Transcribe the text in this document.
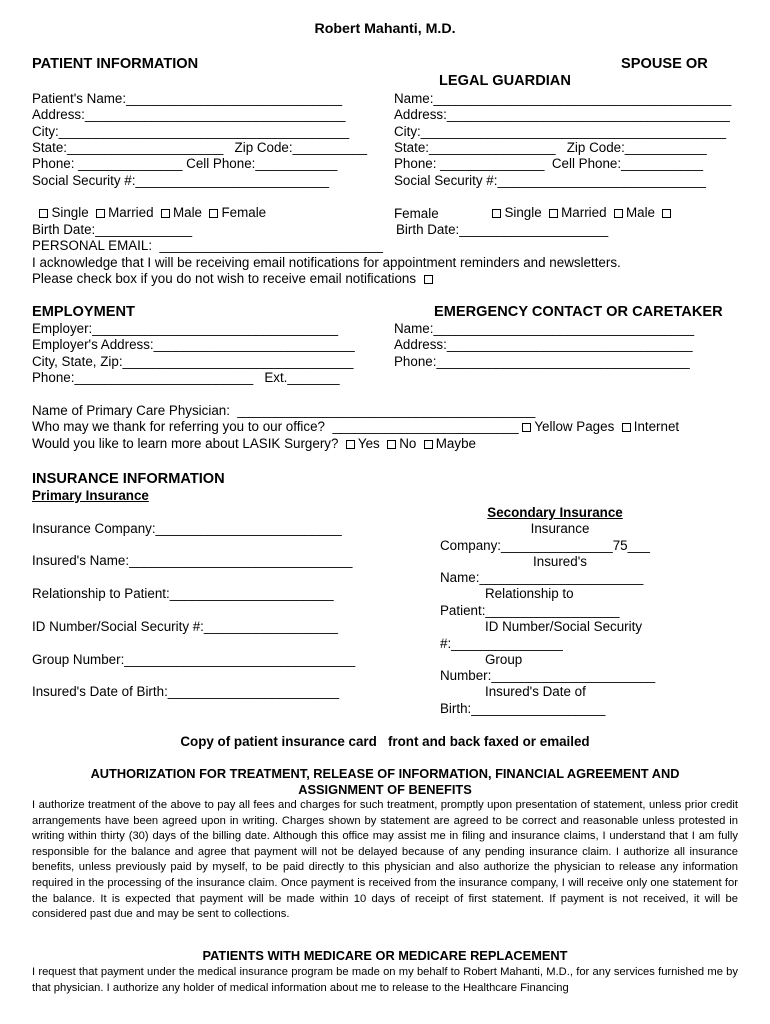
Robert Mahanti, M.D.
PATIENT INFORMATION	SPOUSE OR
LEGAL GUARDIAN
Patient's Name:_____________________________
Address:___________________________________
City:_______________________________________
State:_____________________   Zip Code:__________
Phone: ______________ Cell Phone:___________
Social Security #:__________________________

Single Married Male Female

Birth Date:_____________
PERSONAL EMAIL:  ______________________________
I acknowledge that I will be receiving email notifications for appointment reminders and newsletters.
Please check box if you do not wish to receive email notifications
Name:________________________________________
Address:______________________________________
City:_________________________________________
State:_________________   Zip Code:___________
Phone: ______________  Cell Phone:___________
Social Security #:____________________________

Single Married Male

Female
Birth Date:____________________
EMPLOYMENT	EMERGENCY CONTACT OR CARETAKER
Employer:_________________________________
Employer's Address:___________________________
City, State, Zip:_______________________________
Phone:________________________   Ext._______
Name:___________________________________
Address:_________________________________
Phone:__________________________________
Name of Primary Care Physician:  ________________________________________
Who may we thank for referring you to our office?  _________________________ Yellow Pages Internet
Would you like to learn more about LASIK Surgery? Yes No Maybe
INSURANCE INFORMATION
Primary Insurance
Insurance Company:_________________________
Insured's Name:______________________________
Relationship to Patient:______________________
ID Number/Social Security #:__________________
Group Number:_______________________________
Insured's Date of Birth:_______________________
Secondary Insurance
Insurance
Company:_______________75___
Insured's
Name:______________________
Relationship to
Patient:__________________
ID Number/Social Security
#:_______________
Group
Number:______________________
Insured's Date of
Birth:__________________
Copy of patient insurance card   front and back faxed or emailed
AUTHORIZATION FOR TREATMENT, RELEASE OF INFORMATION, FINANCIAL AGREEMENT AND
ASSIGNMENT OF BENEFITS
I authorize treatment of the above to pay all fees and charges for such treatment, promptly upon presentation of statement, unless prior credit arrangements have been agreed upon in writing. Charges shown by statement are agreed to be correct and reasonable unless protested in writing within thirty (30) days of the billing date. Although this office may assist me in filing and insurance claims, I understand that I am fully responsible for the balance and agree that payment will not be delayed because of any pending insurance claim. I authorize all insurance benefits, unless previously paid by myself, to be paid directly to this physician and also authorize the physician to release any information required in the processing of the insurance claim. Once payment is received from the insurance company, I will receive only one statement for the balance. It is expected that payment will be made within 10 days of receipt of first statement. If payment is not received, it will be considered past due and may be sent to collections.
PATIENTS WITH MEDICARE OR MEDICARE REPLACEMENT
I request that payment under the medical insurance program be made on my behalf to Robert Mahanti, M.D., for any services furnished me by that physician. I authorize any holder of medical information about me to release to the Healthcare Financing
